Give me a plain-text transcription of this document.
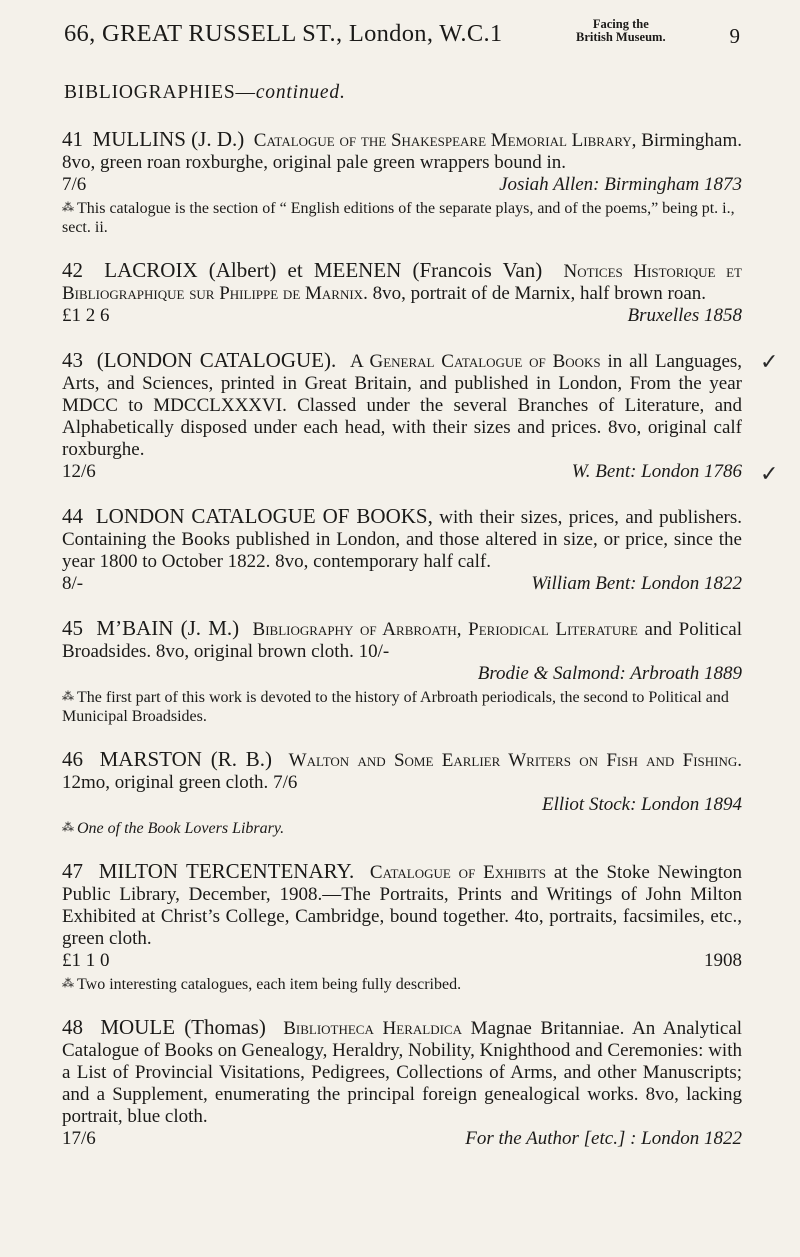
66, GREAT RUSSELL ST., London, W.C.1	Facing the
British Museum.	9
BIBLIOGRAPHIES—continued.
41 MULLINS (J. D.) Catalogue of the Shakespeare Memorial Library, Birmingham. 8vo, green roan roxburghe, original pale green wrappers bound in.
7/6	Josiah Allen: Birmingham 1873
⁂ This catalogue is the section of “ English editions of the separate plays, and of the poems,” being pt. i., sect. ii.
42 LACROIX (Albert) et MEENEN (Francois Van) Notices Historique et Bibliographique sur Philippe de Marnix. 8vo, portrait of de Marnix, half brown roan.
£1 2 6	Bruxelles 1858
43 (LONDON CATALOGUE). A General Catalogue of Books in all Languages, Arts, and Sciences, printed in Great Britain, and published in London, From the year MDCC to MDCCLXXXVI. Classed under the several Branches of Literature, and Alphabetically disposed under each head, with their sizes and prices. 8vo, original calf roxburghe.
12/6	W. Bent: London 1786
44 LONDON CATALOGUE OF BOOKS, with their sizes, prices, and publishers. Containing the Books published in London, and those altered in size, or price, since the year 1800 to October 1822. 8vo, contemporary half calf.
8/-	William Bent: London 1822
45 M’BAIN (J. M.) Bibliography of Arbroath, Periodical Literature and Political Broadsides. 8vo, original brown cloth. 10/-
Brodie & Salmond: Arbroath 1889
⁂ The first part of this work is devoted to the history of Arbroath periodicals, the second to Political and Municipal Broadsides.
46 MARSTON (R. B.) Walton and Some Earlier Writers on Fish and Fishing. 12mo, original green cloth. 7/6
Elliot Stock: London 1894
⁂ One of the Book Lovers Library.
47 MILTON TERCENTENARY. Catalogue of Exhibits at the Stoke Newington Public Library, December, 1908.—The Portraits, Prints and Writings of John Milton Exhibited at Christ’s College, Cambridge, bound together. 4to, portraits, facsimiles, etc., green cloth.
£1 1 0	1908
⁂ Two interesting catalogues, each item being fully described.
48 MOULE (Thomas) Bibliotheca Heraldica Magnae Britanniae. An Analytical Catalogue of Books on Genealogy, Heraldry, Nobility, Knighthood and Ceremonies: with a List of Provincial Visitations, Pedigrees, Collections of Arms, and other Manuscripts; and a Supplement, enumerating the principal foreign genealogical works. 8vo, lacking portrait, blue cloth.
17/6	For the Author [etc.] : London 1822
✓
✓
